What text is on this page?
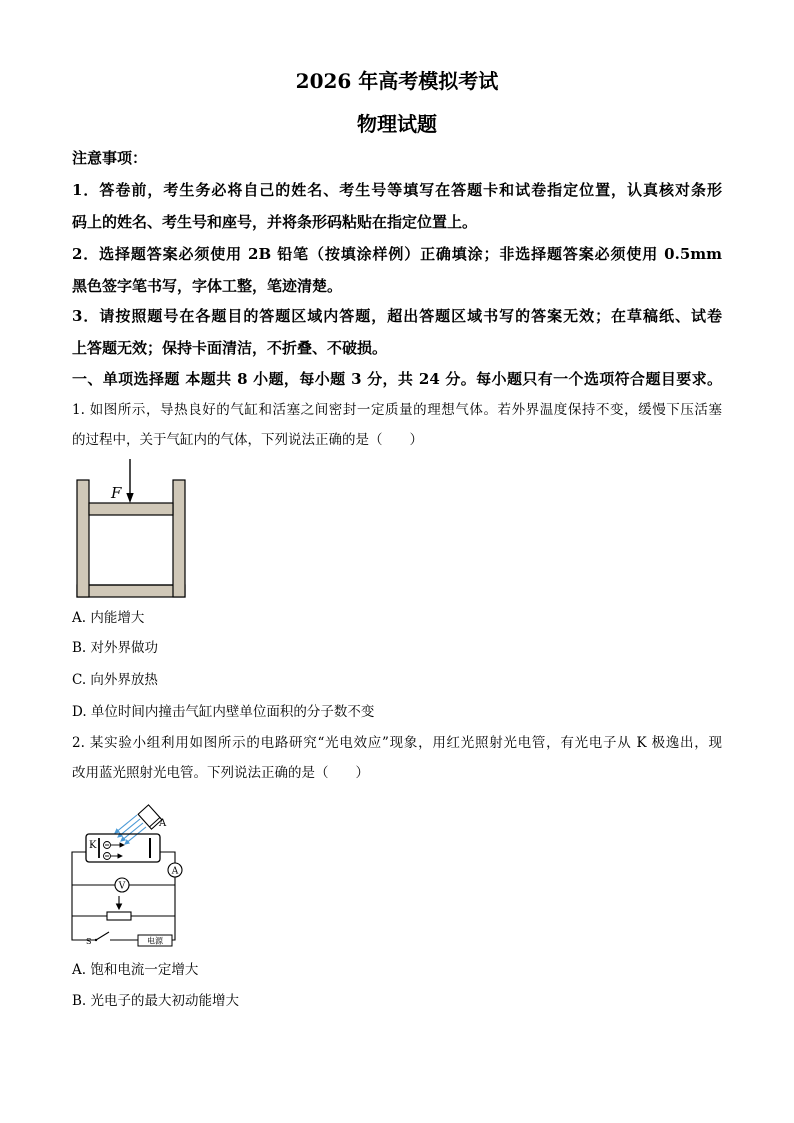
2026 年高考模拟考试
物理试题
注意事项：
1．答卷前，考生务必将自己的姓名、考生号等填写在答题卡和试卷指定位置，认真核对条形
码上的姓名、考生号和座号，并将条形码粘贴在指定位置上。
2．选择题答案必须使用 2B 铅笔（按填涂样例）正确填涂；非选择题答案必须使用 0.5mm
黑色签字笔书写，字体工整，笔迹清楚。
3．请按照题号在各题目的答题区域内答题，超出答题区域书写的答案无效；在草稿纸、试卷
上答题无效；保持卡面清洁，不折叠、不破损。
一、单项选择题 本题共 8 小题，每小题 3 分，共 24 分。每小题只有一个选项符合题目要求。
1. 如图所示，导热良好的气缸和活塞之间密封一定质量的理想气体。若外界温度保持不变，缓慢下压活塞
的过程中，关于气缸内的气体，下列说法正确的是（　　）
F
A. 内能增大
B. 对外界做功
C. 向外界放热
D. 单位时间内撞击气缸内壁单位面积的分子数不变
2. 某实验小组利用如图所示的电路研究“光电效应”现象，用红光照射光电管，有光电子从 K 极逸出，现
改用蓝光照射光电管。下列说法正确的是（　　）
A
K
A
V
S	电源
A. 饱和电流一定增大
B. 光电子的最大初动能增大
